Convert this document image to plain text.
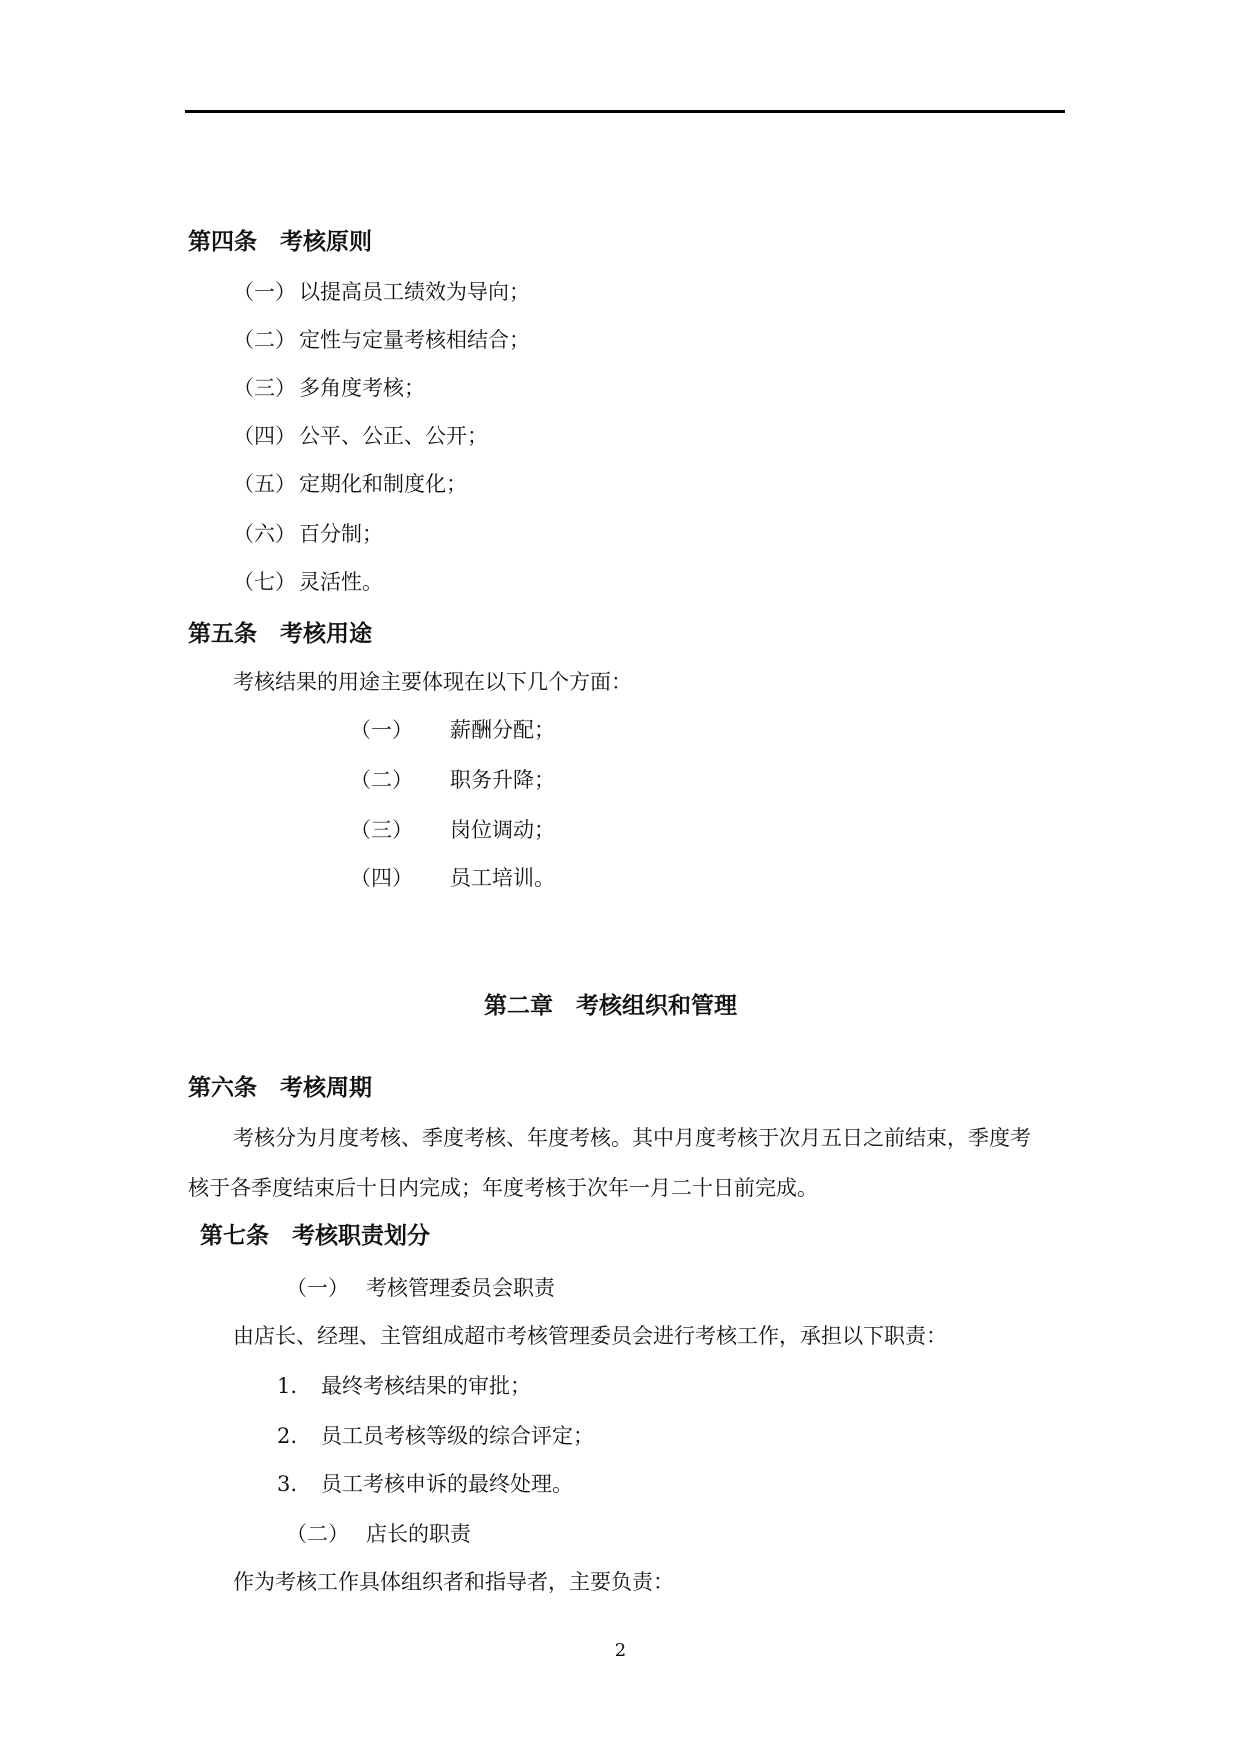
第四条　考核原则
（一） 以提高员工绩效为导向；
（二） 定性与定量考核相结合；
（三） 多角度考核；
（四） 公平、公正、公开；
（五） 定期化和制度化；
（六） 百分制；
（七） 灵活性。
第五条　考核用途
考核结果的用途主要体现在以下几个方面：
（一） 薪酬分配；
（二） 职务升降；
（三） 岗位调动；
（四） 员工培训。
第二章　考核组织和管理
第六条　考核周期
考核分为月度考核、季度考核、年度考核。其中月度考核于次月五日之前结束，季度考
核于各季度结束后十日内完成；年度考核于次年一月二十日前完成。
第七条　考核职责划分
（一） 考核管理委员会职责
由店长、经理、主管组成超市考核管理委员会进行考核工作，承担以下职责：
1. 最终考核结果的审批；
2. 员工员考核等级的综合评定；
3. 员工考核申诉的最终处理。
（二） 店长的职责
作为考核工作具体组织者和指导者，主要负责：
2
